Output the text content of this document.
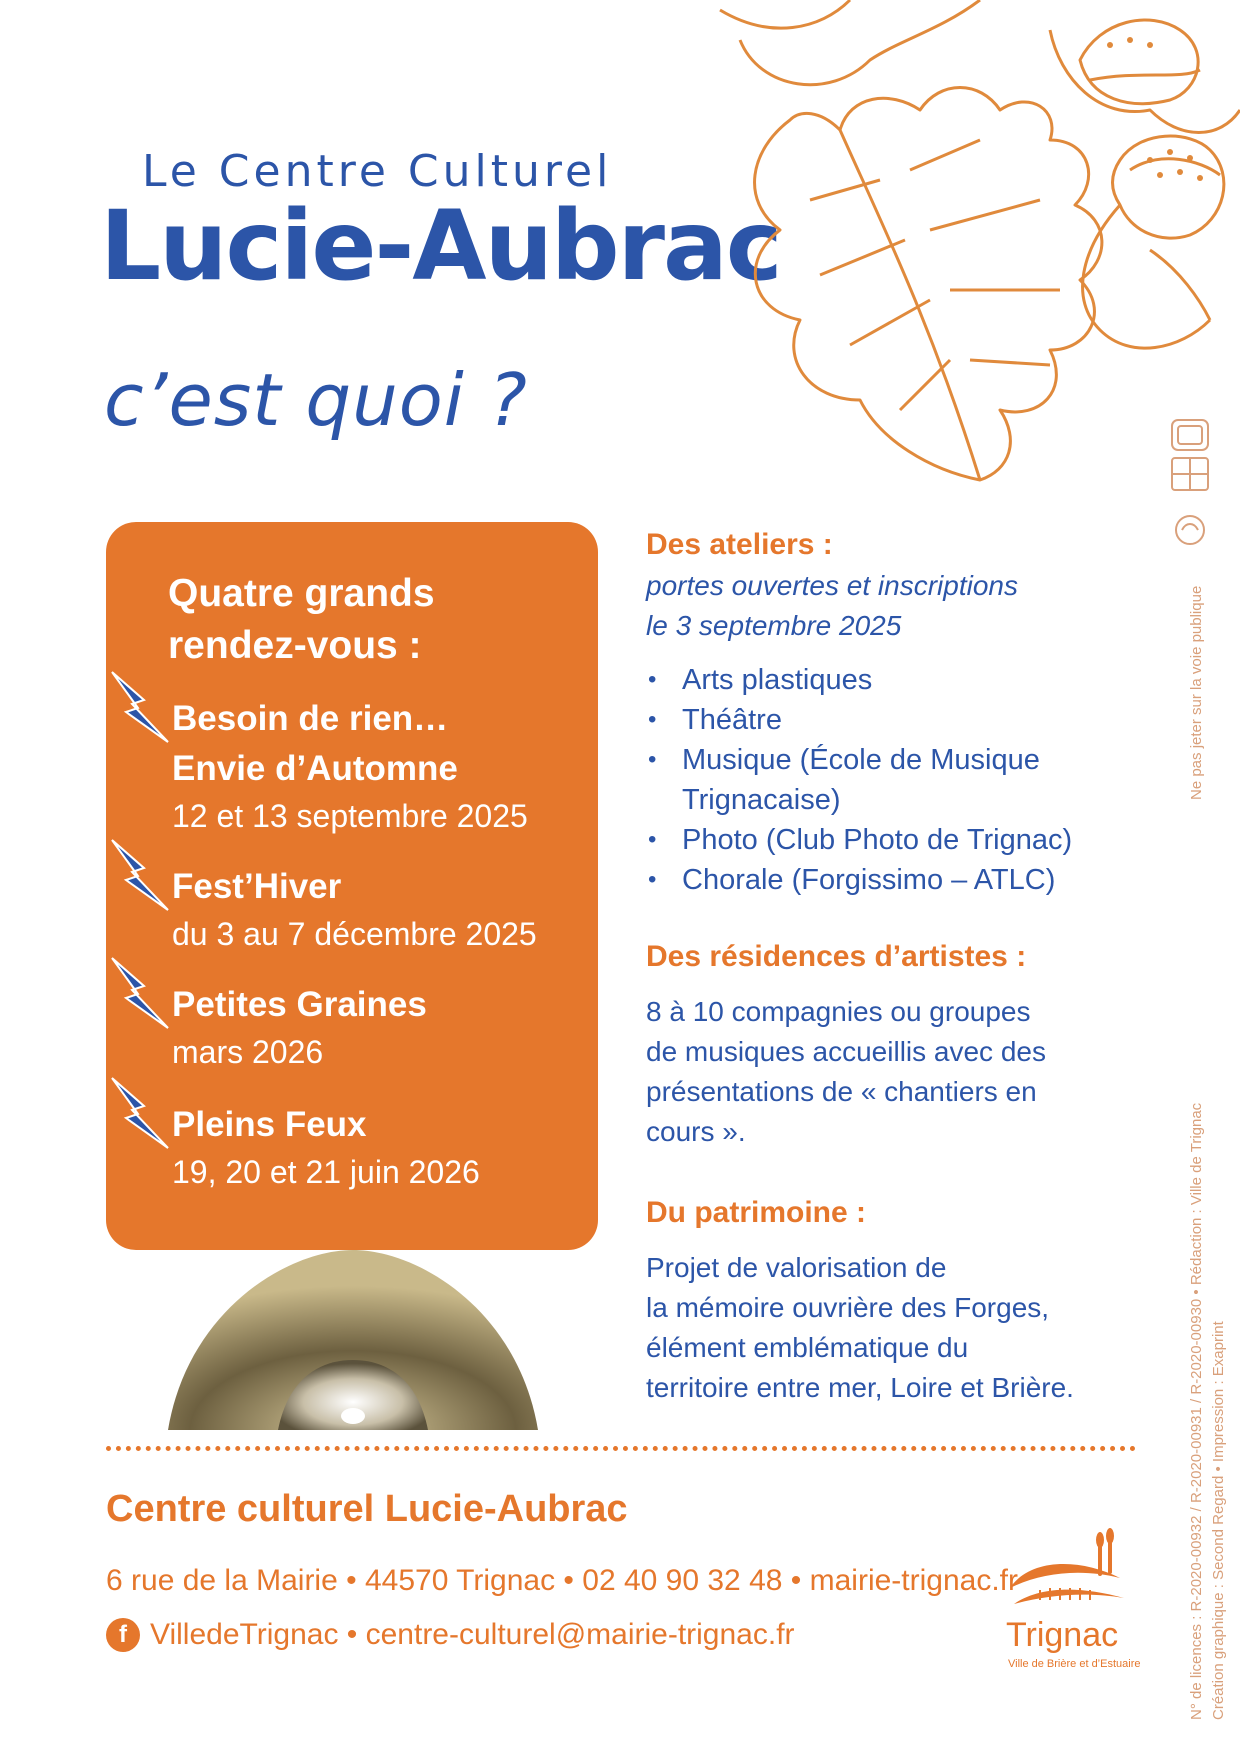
Le Centre Culturel
Lucie-Aubrac
c’est quoi ?
Ne pas jeter sur la voie publique
N° de licences : R-2020-00932 / R-2020-00931 / R-2020-00930 • Rédaction : Ville de Trignac Création graphique : Second Regard • Impression : Exaprint
Quatre grands
rendez-vous :
Besoin de rien…
Envie d’Automne
12 et 13 septembre 2025
Fest’Hiver
du 3 au 7 décembre 2025
Petites Graines
mars 2026
Pleins Feux
19, 20 et 21 juin 2026
Des ateliers :
portes ouvertes et inscriptions
le 3 septembre 2025
• Arts plastiques
• Théâtre
• Musique (École de Musique
Trignacaise)
• Photo (Club Photo de Trignac)
• Chorale (Forgissimo – ATLC)
Des résidences d’artistes :
8 à 10 compagnies ou groupes
de musiques accueillis avec des
présentations de « chantiers en
cours ».
Du patrimoine :
Projet de valorisation de
la mémoire ouvrière des Forges,
élément emblématique du
territoire entre mer, Loire et Brière.
Centre culturel Lucie-Aubrac
6 rue de la Mairie • 44570 Trignac • 02 40 90 32 48 • mairie-trignac.fr
f VilledeTrignac • centre-culturel@mairie-trignac.fr	Trignac
Ville de Brière et d’Estuaire
